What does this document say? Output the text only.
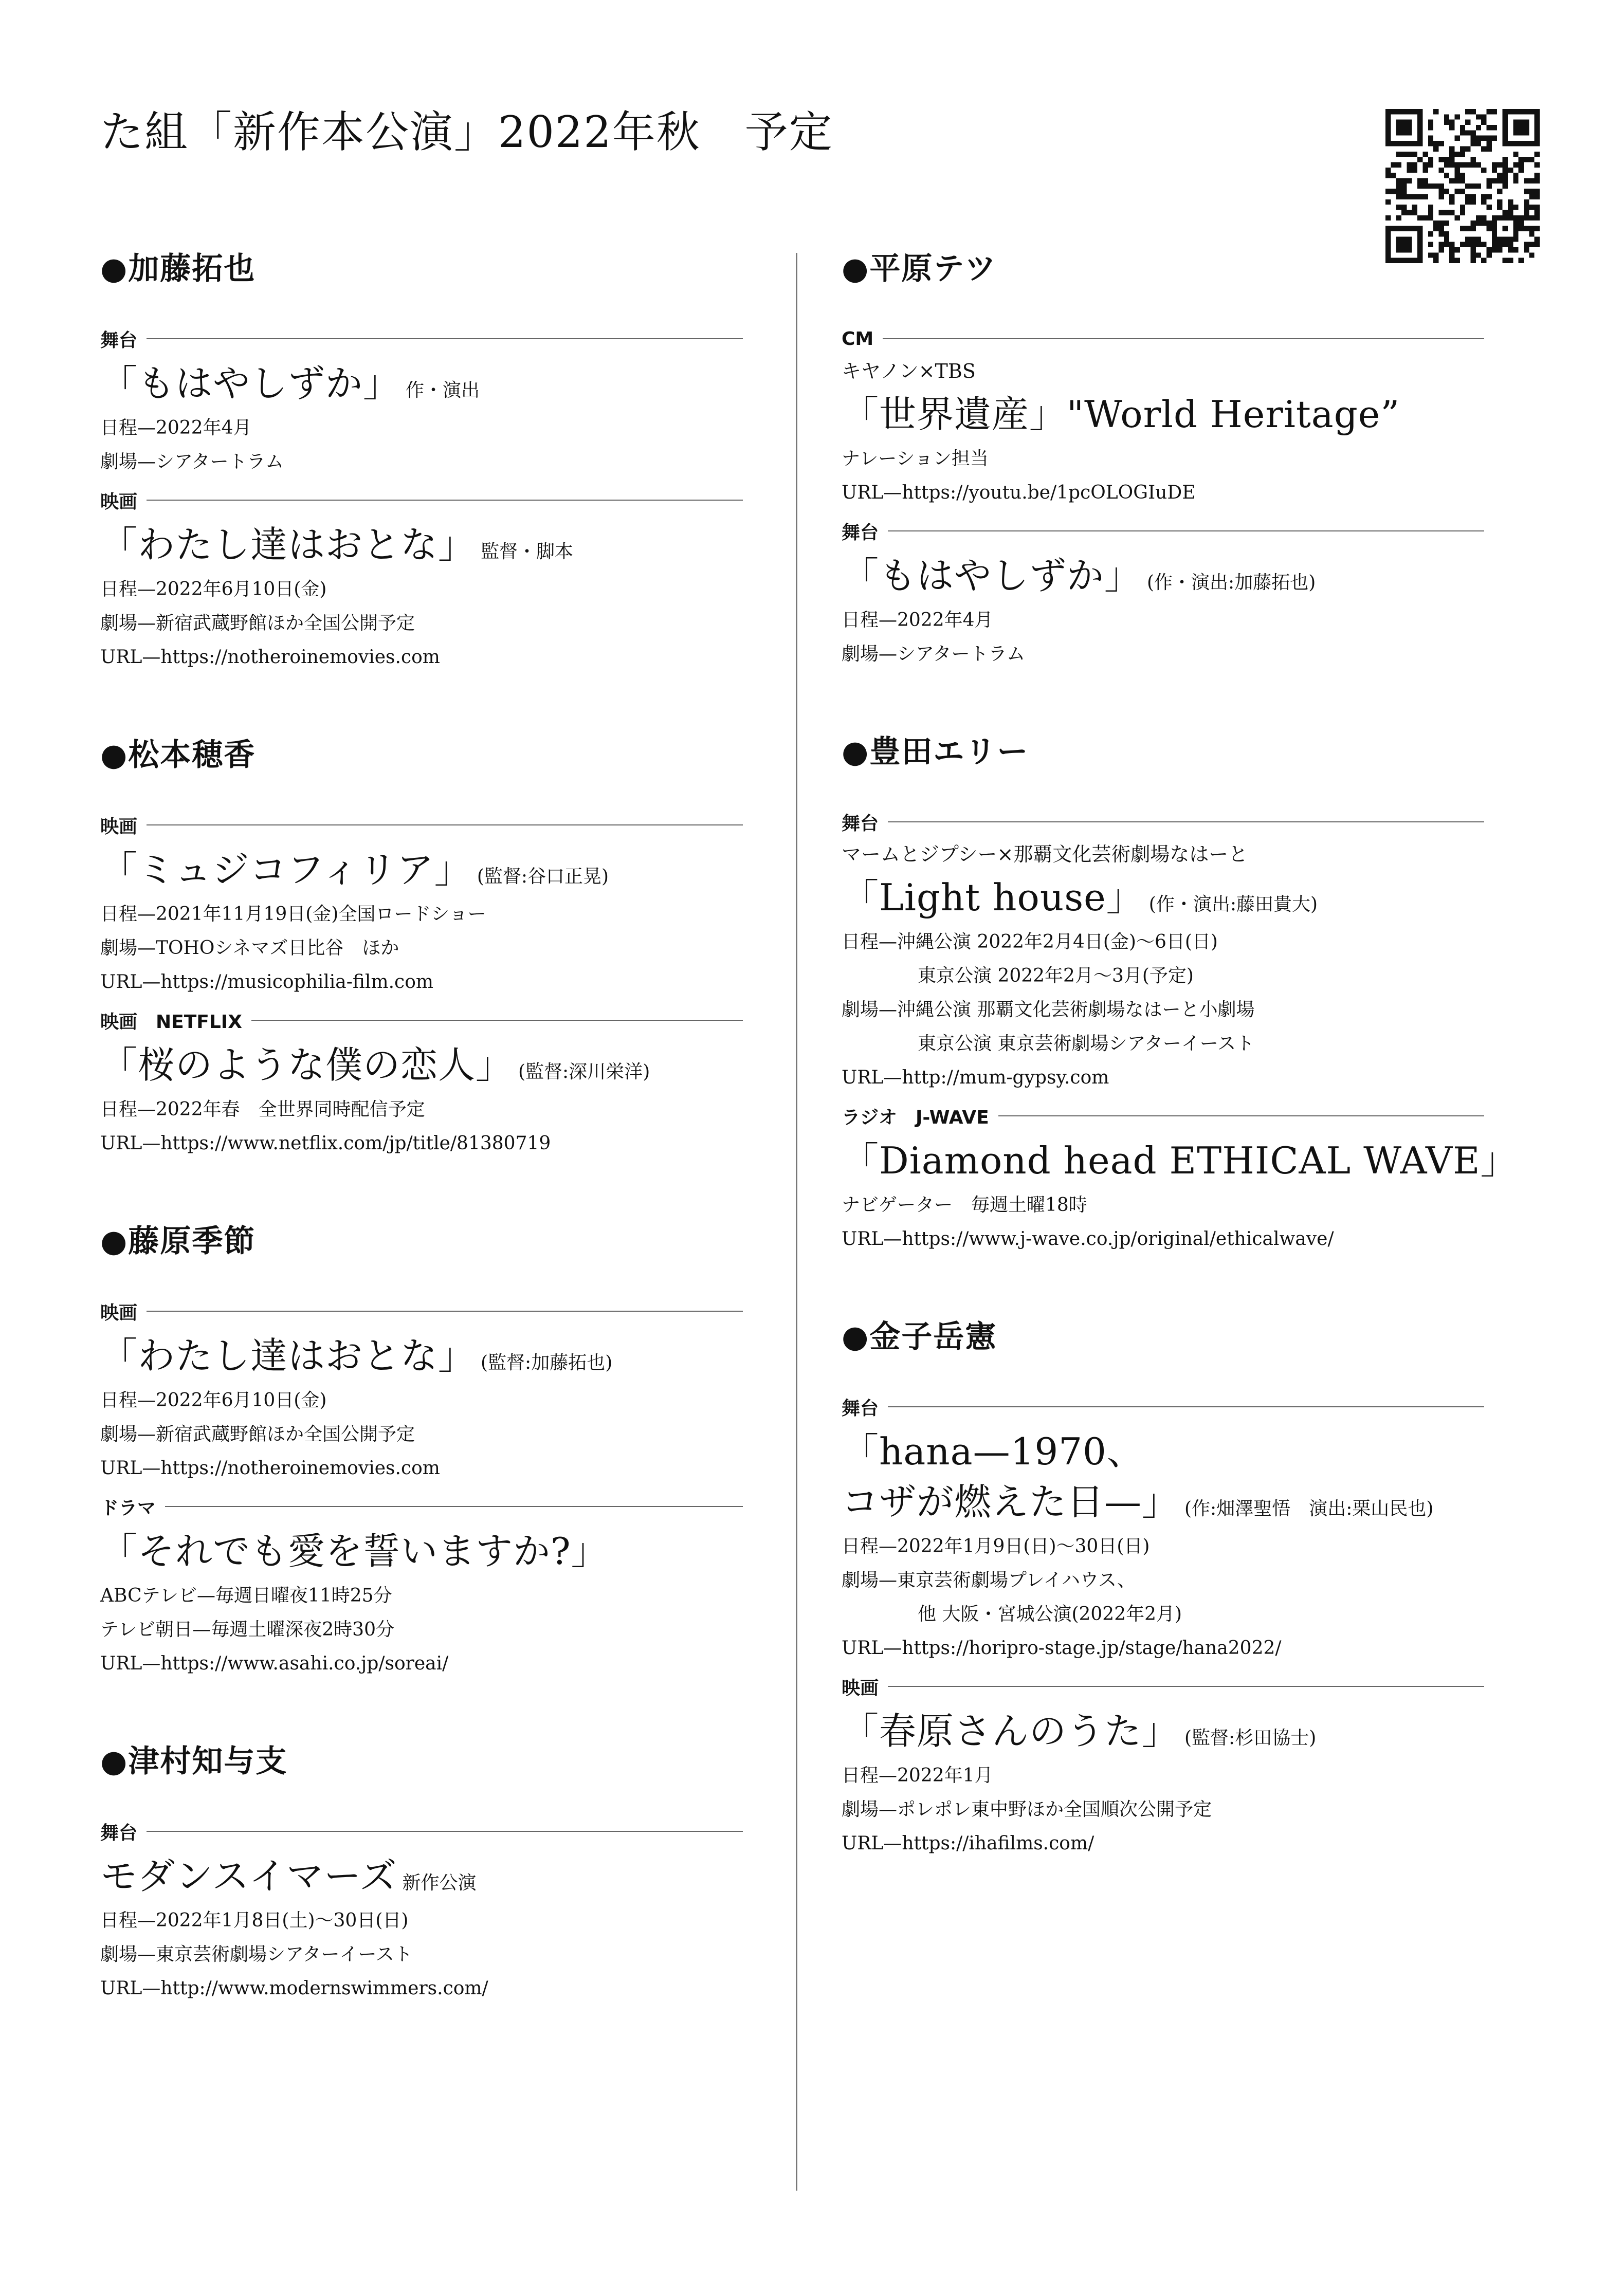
た組「新作本公演」2022年秋　予定
●加藤拓也
舞台
「もはやしずか」 作・演出
日程—2022年4月
劇場—シアタートラム
映画
「わたし達はおとな」 監督・脚本
日程—2022年6月10日(金)
劇場—新宿武蔵野館ほか全国公開予定
URL—https://notheroinemovies.com
●松本穂香
映画
「ミュジコフィリア」 (監督:谷口正晃)
日程—2021年11月19日(金)全国ロードショー
劇場—TOHOシネマズ日比谷　ほか
URL—https://musicophilia-film.com
映画　NETFLIX
「桜のような僕の恋人」 (監督:深川栄洋)
日程—2022年春　全世界同時配信予定
URL—https://www.netflix.com/jp/title/81380719
●藤原季節
映画
「わたし達はおとな」 (監督:加藤拓也)
日程—2022年6月10日(金)
劇場—新宿武蔵野館ほか全国公開予定
URL—https://notheroinemovies.com
ドラマ
「それでも愛を誓いますか?」
ABCテレビ—毎週日曜夜11時25分
テレビ朝日—毎週土曜深夜2時30分
URL—https://www.asahi.co.jp/soreai/
●津村知与支
舞台
モダンスイマーズ 新作公演
日程—2022年1月8日(土)〜30日(日)
劇場—東京芸術劇場シアターイースト
URL—http://www.modernswimmers.com/
●平原テツ
CM
キヤノン×TBS
「世界遺産」"World Heritage”
ナレーション担当
URL—https://youtu.be/1pcOLOGIuDE
舞台
「もはやしずか」 (作・演出:加藤拓也)
日程—2022年4月
劇場—シアタートラム
●豊田エリー
舞台
マームとジプシー×那覇文化芸術劇場なはーと
「Light house」 (作・演出:藤田貴大)
日程—沖縄公演 2022年2月4日(金)〜6日(日)
東京公演 2022年2月〜3月(予定)
劇場—沖縄公演 那覇文化芸術劇場なはーと小劇場
東京公演 東京芸術劇場シアターイースト
URL—http://mum-gypsy.com
ラジオ　J-WAVE
「Diamond head ETHICAL WAVE」
ナビゲーター　毎週土曜18時
URL—https://www.j-wave.co.jp/original/ethicalwave/
●金子岳憲
舞台
「hana—1970、
コザが燃えた日—」 (作:畑澤聖悟　演出:栗山民也)
日程—2022年1月9日(日)〜30日(日)
劇場—東京芸術劇場プレイハウス、
他 大阪・宮城公演(2022年2月)
URL—https://horipro-stage.jp/stage/hana2022/
映画
「春原さんのうた」 (監督:杉田協士)
日程—2022年1月
劇場—ポレポレ東中野ほか全国順次公開予定
URL—https://ihafilms.com/
